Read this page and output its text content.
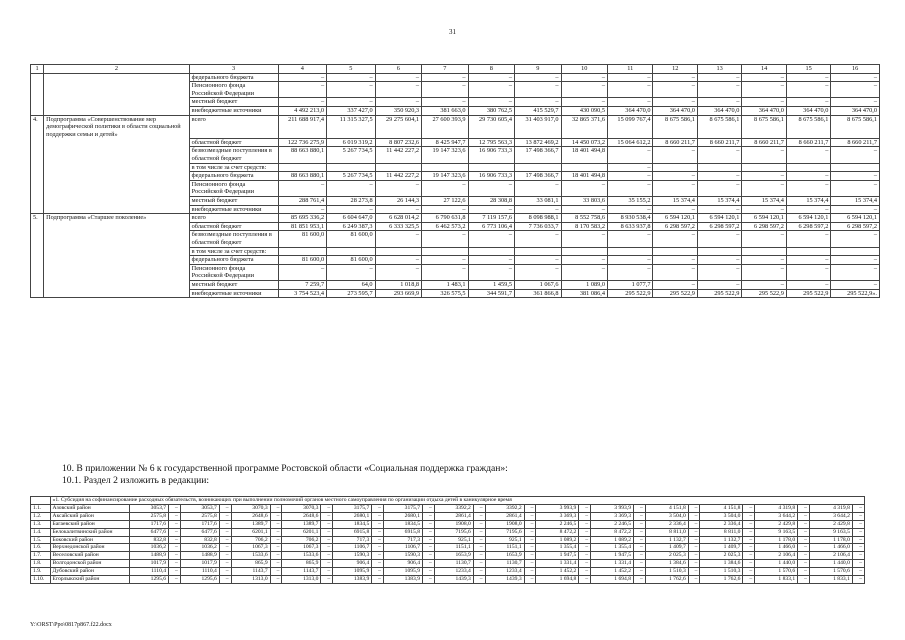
31
1	2	3	4	5	6	7	8	9	10	11	12	13	14	15	16
		федерального бюджета	–	–	–	–	–	–	–	–	–	–	–	–	–
		Пенсионного фонда Российской Федерации	–	–	–	–	–	–	–	–	–	–	–	–	–
		местный бюджет	–	–	–	–	–	–	–	–	–	–	–	–	–
		внебюджетные источники	4 492 213,0	337 427,0	350 920,3	381 663,0	380 762,5	415 529,7	430 090,5	364 470,0	364 470,0	364 470,0	364 470,0	364 470,0	364 470,0
4.	Подпрограмма «Совершенствование мер демографической политики в области социальной поддержки семьи и детей»	всего	211 688 917,4	11 315 327,5	29 275 604,1	27 600 393,9	29 730 605,4	31 403 917,0	32 865 371,6	15 099 767,4	8 675 586,1	8 675 586,1	8 675 586,1	8 675 586,1	8 675 586,1
		областной бюджет	122 736 275,9	6 019 319,2	8 807 232,6	8 425 947,7	12 795 563,3	13 872 469,2	14 450 073,2	15 064 612,2	8 660 211,7	8 660 211,7	8 660 211,7	8 660 211,7	8 660 211,7
		безвозмездные поступления в областной бюджет	88 663 880,1	5 267 734,5	11 442 227,2	19 147 323,6	16 906 733,3	17 498 366,7	18 401 494,8	–	–	–	–	–	–
		в том числе за счет средств:								–					
		федерального бюджета	88 663 880,1	5 267 734,5	11 442 227,2	19 147 323,6	16 906 733,3	17 498 366,7	18 401 494,8	–	–	–	–	–	–
		Пенсионного фонда Российской Федерации	–	–	–	–	–	–	–	–	–	–	–	–	–
		местный бюджет	288 761,4	28 273,8	26 144,3	27 122,6	28 308,8	33 081,1	33 803,6	35 155,2	15 374,4	15 374,4	15 374,4	15 374,4	15 374,4
		внебюджетные источники	–	–	–	–	–	–	–	–	–	–	–	–	–
5.	Подпрограмма «Старшее поколение»	всего	85 695 336,2	6 604 647,0	6 628 014,2	6 790 631,8	7 119 157,6	8 098 988,1	8 552 758,6	8 930 538,4	6 594 120,1	6 594 120,1	6 594 120,1	6 594 120,1	6 594 120,1
		областной бюджет	81 851 953,1	6 249 387,3	6 333 325,5	6 462 573,2	6 773 106,4	7 736 033,7	8 170 583,2	8 633 937,8	6 298 597,2	6 298 597,2	6 298 597,2	6 298 597,2	6 298 597,2
		безвозмездные поступления в областной бюджет	81 600,0	81 600,0	–	–	–	–	–	–	–	–	–	–	–
		в том числе за счет средств:													
		федерального бюджета	81 600,0	81 600,0	–	–	–	–	–	–	–	–	–	–	–
		Пенсионного фонда Российской Федерации	–	–	–	–	–	–	–	–	–	–	–	–	–
		местный бюджет	7 259,7	64,0	1 018,8	1 483,1	1 459,5	1 067,6	1 089,0	1 077,7	–	–	–	–	–
		внебюджетные источники	3 754 523,4	273 595,7	293 669,9	326 575,5	344 591,7	361 866,8	381 086,4	295 522,9	295 522,9	295 522,9	295 522,9	295 522,9	295 522,9».
10. В приложении № 6 к государственной программе Ростовской области «Социальная поддержка граждан»:
10.1. Раздел 2 изложить в редакции:
	«1. Субсидия на софинансирование расходных обязательств, возникающих при выполнении полномочий органов местного самоуправления по организации отдыха детей в каникулярное время																												
1.1.	Азовский район	3053,7	–	3053,7	–	3070,3	–	3070,3	–	3175,7	–	3175,7	–	3392,2	–	3392,2	–	3 993,9	–	3 993,9	–	4 151,8	–	4 151,8	–	4 319,8	–	4 319,8	–
1.2.	Аксайский район	2575,8	–	2575,8	–	2648,6	–	2648,6	–	2680,1	–	2680,1	–	2861,4	–	2861,4	–	3 369,3	–	3 369,3	–	3 504,0	–	3 504,0	–	3 644,2	–	3 644,2	–
1.3.	Багаевский район	1717,6	–	1717,6	–	1389,7	–	1389,7	–	1834,5	–	1834,5	–	1908,0	–	1908,0	–	2 246,5	–	2 246,5	–	2 336,4	–	2 336,4	–	2 429,8	–	2 429,8	–
1.4.	Белокалитвинский район	6477,6	–	6477,6	–	6201,1	–	6201,1	–	6915,8	–	6915,8	–	7195,6	–	7195,6	–	8 472,2	–	8 472,2	–	8 811,0	–	8 811,0	–	9 163,5	–	9 163,5	–
1.5.	Боковский район	832,8	–	832,8	–	706,2	–	706,2	–	717,3	–	717,3	–	925,1	–	925,1	–	1 089,2	–	1 089,2	–	1 132,7	–	1 132,7	–	1 178,0	–	1 178,0	–
1.6.	Верхнедонской район	1036,2	–	1036,2	–	1067,3	–	1067,3	–	1106,7	–	1106,7	–	1151,1	–	1151,1	–	1 355,4	–	1 355,4	–	1 409,7	–	1 409,7	–	1 466,0	–	1 466,0	–
1.7.	Веселовский район	1488,9	–	1488,9	–	1533,6	–	1533,6	–	1590,3	–	1590,3	–	1653,9	–	1653,9	–	1 947,5	–	1 947,5	–	2 025,3	–	2 025,3	–	2 106,4	–	2 106,4	–
1.8.	Волгодонской район	1017,9	–	1017,9	–	865,9	–	865,9	–	906,4	–	906,4	–	1130,7	–	1130,7	–	1 331,4	–	1 331,4	–	1 384,6	–	1 384,6	–	1 440,0	–	1 440,0	–
1.9.	Дубовский район	1110,4	–	1110,4	–	1143,7	–	1143,7	–	1095,9	–	1095,9	–	1233,4	–	1233,4	–	1 452,2	–	1 452,2	–	1 510,3	–	1 510,3	–	1 570,6	–	1 570,6	–
1.10.	Егорлыкский район	1295,6	–	1295,6	–	1313,0	–	1313,0	–	1383,9	–	1383,9	–	1439,3	–	1439,3	–	1 694,8	–	1 694,8	–	1 762,6	–	1 762,6	–	1 833,1	–	1 833,1	–
Y:\ORST\Ppo\0817p867.f22.docx
